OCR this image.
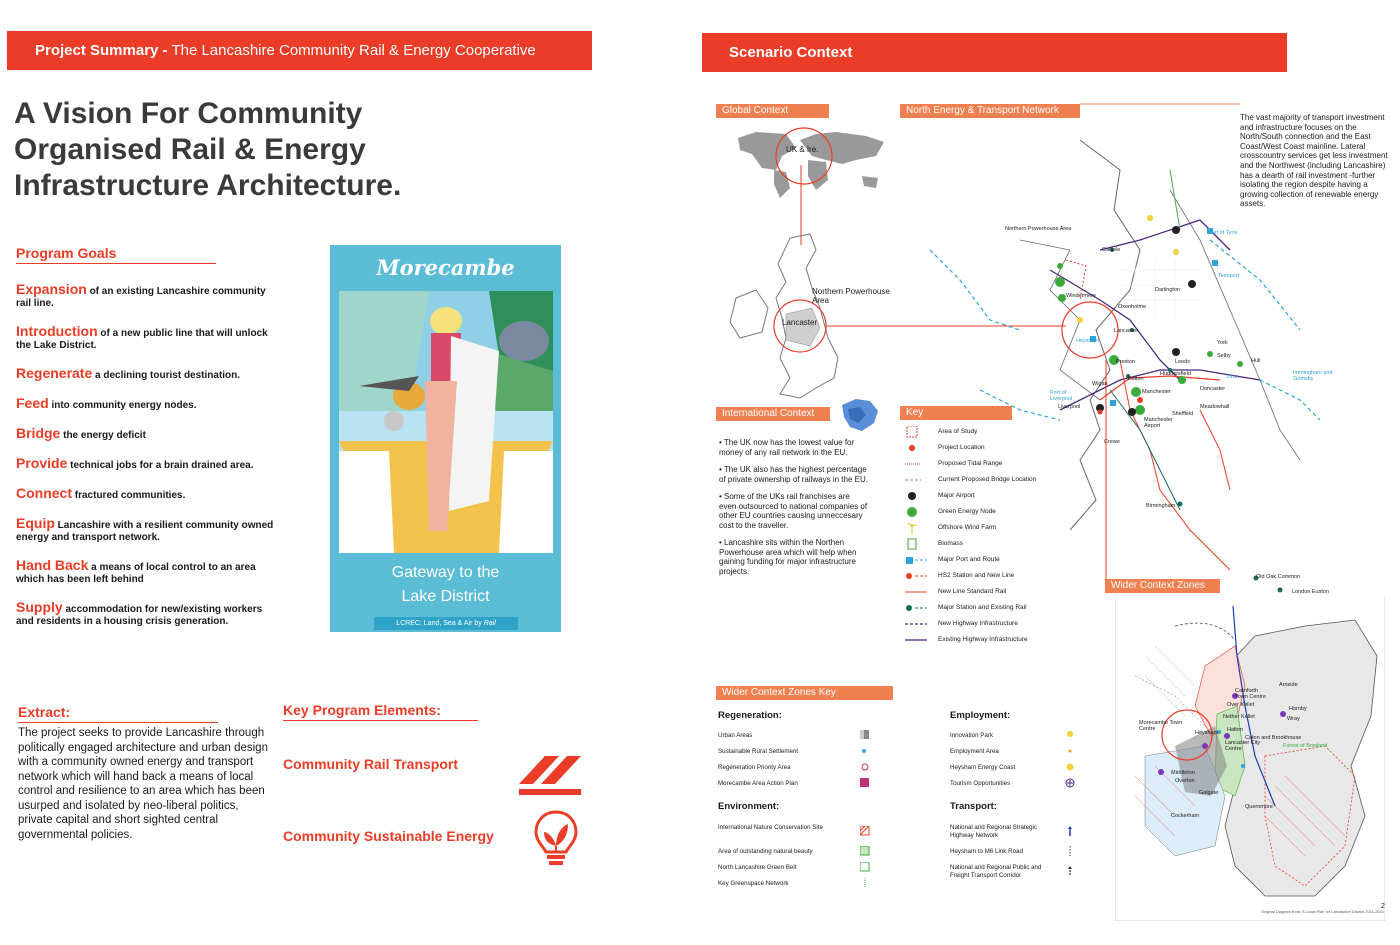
Project Summary - The Lancashire Community Rail & Energy Cooperative
A Vision For Community
Organised Rail & Energy
Infrastructure Architecture.
Program Goals
Expansion of an existing Lancashire community rail line.
Introduction of a new public line that will unlock the Lake District.
Regenerate a declining tourist destination.
Feed into community energy nodes.
Bridge the energy deficit
Provide technical jobs for a brain drained area.
Connect fractured communities.
Equip Lancashire with a resilient community owned energy and transport network.
Hand Back a means of local control to an area which has been left behind
Supply accommodation for new/existing workers and residents in a housing crisis generation.
Morecambe
Gateway to the
Lake District
LCREC: Land, Sea & Air by Rail
Extract:
The project seeks to provide Lancashire through politically engaged architecture and urban design with a community owned energy and transport network which will hand back a means of local control and resilience to an area which has been usurped and isolated by neo-liberal politics, private capital and short sighted central governmental policies.
Key Program Elements:
Community Rail Transport
Community Sustainable Energy
Scenario Context
Global Context
UK & Ire.
Northern Powerhouse Area
Lancaster
North Energy & Transport Network
The vast majority of transport investment and infrastructure focuses on the North/South connection and the East Coast/West Coast mainline. Lateral crosscountry services get less investment and the Northwest (including Lancashire) has a dearth of rail investment -further isolating the region despite having a growing collection of renewable energy assets.
Northern Powerhouse Area
Carlisle
Port of Tyne
Teesport
Darlington
Windermere
Oxenholme
Lancaster
Heysham	York
Leeds
Selby
Hull
Preston
Huddersfield
Bolton
Wigan
Manchester	Doncaster
Port of Liverpool
Liverpool
Sheffield
Meadowhall
Manchester Airport
Crewe
Birmingham
Old Oak Common
London Euston
Immingham and Grimsby
Drax
International Context

• The UK now has the lowest value for money of any rail network in the EU.

• The UK also has the highest percentage of private ownership of railways in the EU.

• Some of the UKs rail franchises are even outsourced to national companies of other EU countries causing unneccesary cost to the traveller.

• Lancashire sits within the Northen Powerhouse area which will help when gaining funding for major infrastructure projects.

Key
Area of Study
Project Location
Proposed Tidal Range
Current Proposed Bridge Location
Major Airport
Green Energy Node
Offshore Wind Farm
Biomass
Major Port and Route
HS2 Station and New Line
New Line Standard Rail
Major Station and Existing Rail
New Highway Infrastructure
Existing Highway Infrastructure
Wider Context Zones
Arnside
Carnforth Town Centre
Over Kellet
Hornby
Wray
Nether Kellet
Morecambe Town Centre
Heysham Halton
Caton and Brookhouse
Lancaster City Centre	Forest of Bowland
Middleton
Overton
Galgate
Cockerham
Quernmore
Original Diagram from: A Local Plan for Lancashire District 2011-2031
2
Wider Context Zones Key
Regeneration:
Urban Areas
Sustainable Rural Settlement
Regeneration Priority Area
Morecambe Area Action Plan
Environment:
International Nature Conservation Site
Area of outstanding natural beauty
North Lancashire Green Belt
Key Greenspace Network
Employment:
Innovation Park
Employment Area
Heysham Energy Coast
Tourism Opportunities
Transport:
National and Regional Strategic Highway Network
Heysham to M6 Link Road
National and Regional Public and Freight Transport Corridor
